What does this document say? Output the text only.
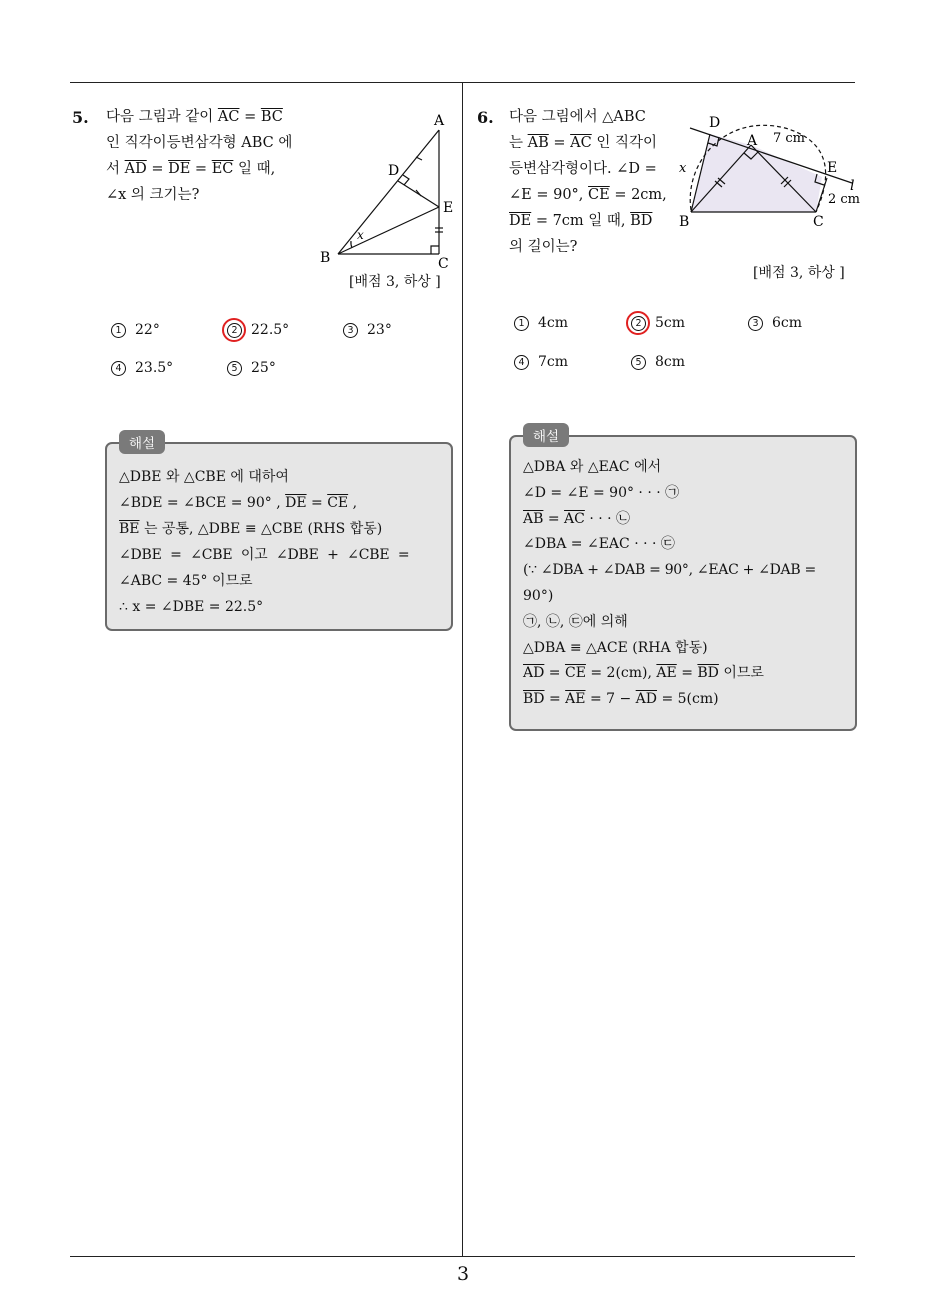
3
5. 다음 그림과 같이 $\overline{AC} = \overline{BC}$
인 직각이등변삼각형 ABC 에
서 $\overline{AD} = \overline{DE} = \overline{EC}$ 일 때,
∠x 의 크기는?
A
B	C
D
E
x
[배점 3, 하상 ]
1 22°	2 22.5°	3 23°
4 23.5°	5 25°
해설
△DBE 와 △CBE 에 대하여
∠BDE = ∠BCE = 90° , $\overline{DE} = \overline{CE}$ ,
$\overline{BE}$ 는 공통, △DBE ≡ △CBE (RHS 합동)
∠DBE  =  ∠CBE  이고  ∠DBE  +  ∠CBE  =
∠ABC = 45° 이므로
∴ x = ∠DBE = 22.5°
6. 다음 그림에서 △ABC
는 $\overline{AB} = \overline{AC}$ 인 직각이
등변삼각형이다. ∠D =
∠E = 90°, $\overline{CE} = 2cm$,
$\overline{DE} = 7cm$ 일 때, $\overline{BD}$
의 길이는?
D
A 7 cm
E
l
2 cm
x
B	C
[배점 3, 하상 ]
1 4cm	2 5cm	3 6cm
4 7cm	5 8cm
해설
△DBA 와 △EAC 에서
∠D = ∠E = 90° · · · ㉠
$\overline{AB} = \overline{AC}$ · · · ㉡
∠DBA = ∠EAC · · · ㉢
(∵ ∠DBA + ∠DAB = 90°, ∠EAC + ∠DAB =
90°)
㉠, ㉡, ㉢에 의해
△DBA ≡ △ACE (RHA 합동)
$\overline{AD} = \overline{CE} = 2(cm)$, $\overline{AE} = \overline{BD}$ 이므로
$\overline{BD} = \overline{AE} = 7 - \overline{AD} = 5(cm)$
